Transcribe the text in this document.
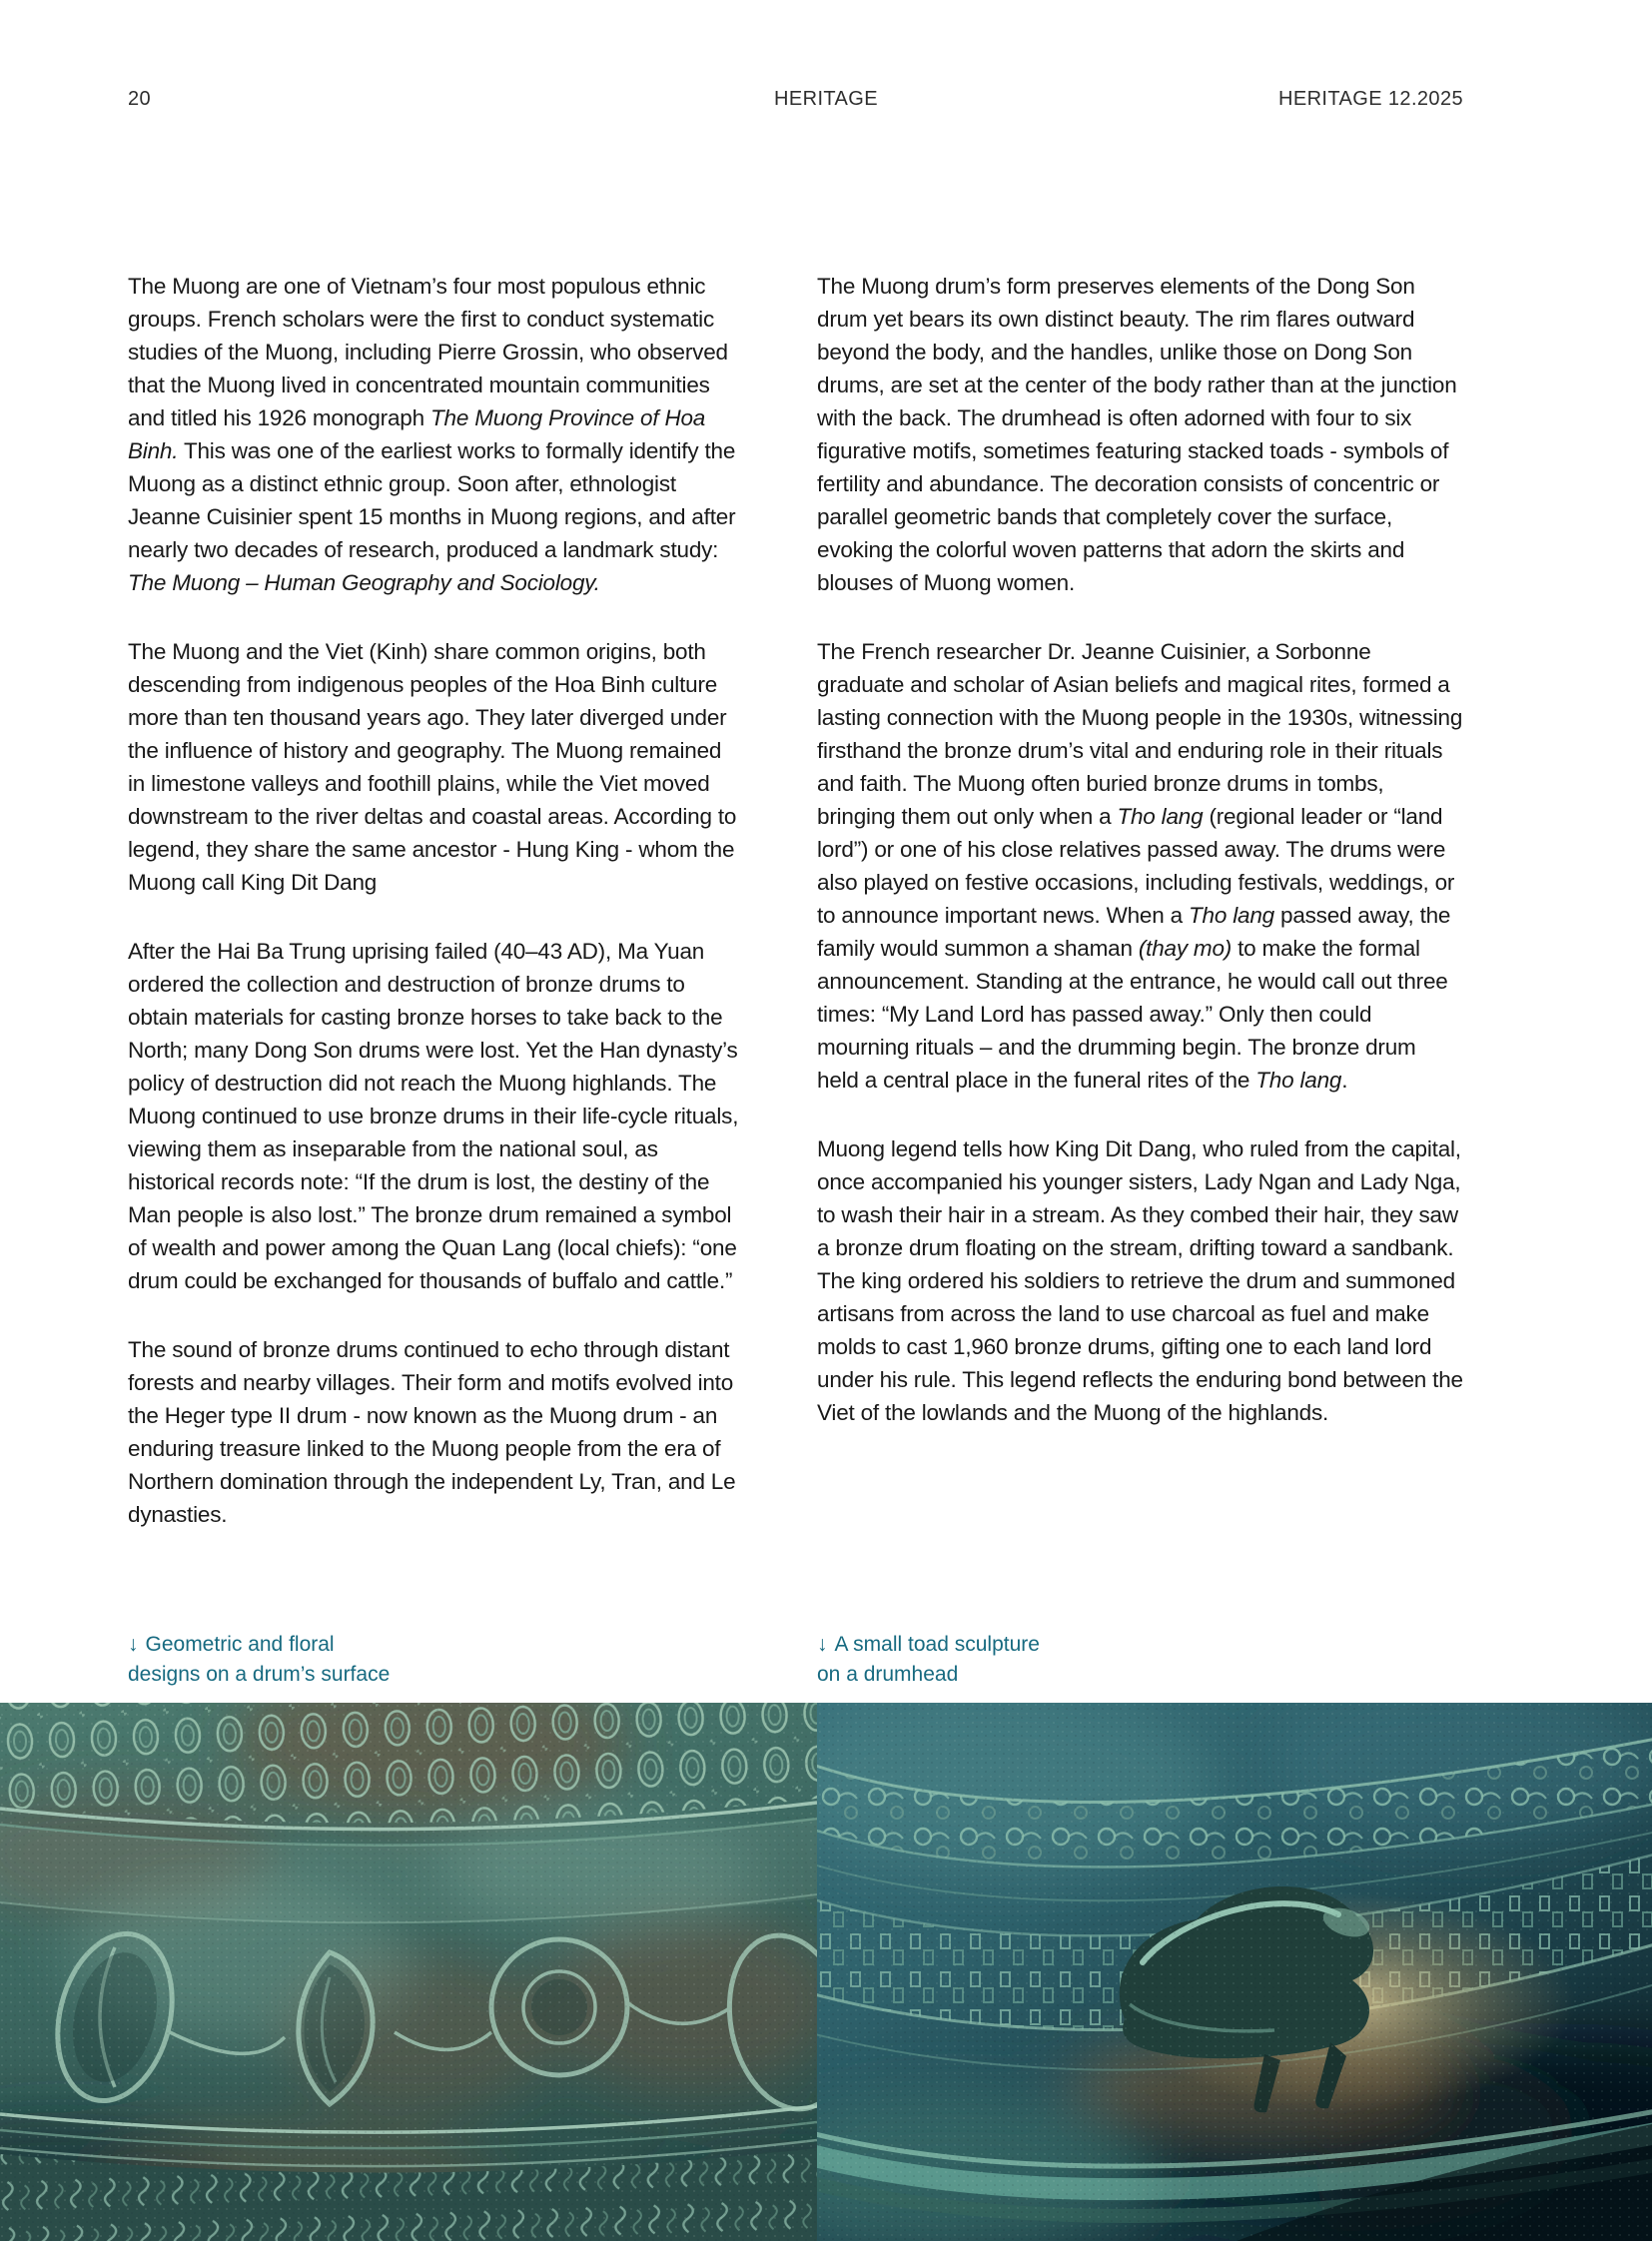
20	HERITAGE	HERITAGE 12.2025

The Muong are one of Vietnam’s four most populous ethnic groups. French scholars were the first to conduct systematic studies of the Muong, including Pierre Grossin, who observed that the Muong lived in concentrated mountain communities and titled his 1926 monograph The Muong Province of Hoa Binh. This was one of the earliest works to formally identify the Muong as a distinct ethnic group. Soon after, ethnologist Jeanne Cuisinier spent 15 months in Muong regions, and after nearly two decades of research, produced a landmark study: The Muong – Human Geography and Sociology.

The Muong and the Viet (Kinh) share common origins, both descending from indigenous peoples of the Hoa Binh culture more than ten thousand years ago. They later diverged under the influence of history and geography. The Muong remained in limestone valleys and foothill plains, while the Viet moved downstream to the river deltas and coastal areas. According to legend, they share the same ancestor - Hung King - whom the Muong call King Dit Dang

After the Hai Ba Trung uprising failed (40–43 AD), Ma Yuan ordered the collection and destruction of bronze drums to obtain materials for casting bronze horses to take back to the North; many Dong Son drums were lost. Yet the Han dynasty’s policy of destruction did not reach the Muong highlands. The Muong continued to use bronze drums in their life-cycle rituals, viewing them as inseparable from the national soul, as historical records note: “If the drum is lost, the destiny of the Man people is also lost.” The bronze drum remained a symbol of wealth and power among the Quan Lang (local chiefs): “one drum could be exchanged for thousands of buffalo and cattle.”

The sound of bronze drums continued to echo through distant forests and nearby villages. Their form and motifs evolved into the Heger type II drum - now known as the Muong drum - an enduring treasure linked to the Muong people from the era of Northern domination through the independent Ly, Tran, and Le dynasties.

The Muong drum’s form preserves elements of the Dong Son drum yet bears its own distinct beauty. The rim flares outward beyond the body, and the handles, unlike those on Dong Son drums, are set at the center of the body rather than at the junction with the back. The drumhead is often adorned with four to six figurative motifs, sometimes featuring stacked toads - symbols of fertility and abundance. The decoration consists of concentric or parallel geometric bands that completely cover the surface, evoking the colorful woven patterns that adorn the skirts and blouses of Muong women.

The French researcher Dr. Jeanne Cuisinier, a Sorbonne graduate and scholar of Asian beliefs and magical rites, formed a lasting connection with the Muong people in the 1930s, witnessing firsthand the bronze drum’s vital and enduring role in their rituals and faith. The Muong often buried bronze drums in tombs, bringing them out only when a Tho lang (regional leader or “land lord”) or one of his close relatives passed away. The drums were also played on festive occasions, including festivals, weddings, or to announce important news. When a Tho lang passed away, the family would summon a shaman (thay mo) to make the formal announcement. Standing at the entrance, he would call out three times: “My Land Lord has passed away.” Only then could mourning rituals – and the drumming begin. The bronze drum held a central place in the funeral rites of the Tho lang.

Muong legend tells how King Dit Dang, who ruled from the capital, once accompanied his younger sisters, Lady Ngan and Lady Nga, to wash their hair in a stream. As they combed their hair, they saw a bronze drum floating on the stream, drifting toward a sandbank. The king ordered his soldiers to retrieve the drum and summoned artisans from across the land to use charcoal as fuel and make molds to cast 1,960 bronze drums, gifting one to each land lord under his rule. This legend reflects the enduring bond between the Viet of the lowlands and the Muong of the highlands.

↓ Geometric and floral
designs on a drum’s surface
↓ A small toad sculpture
on a drumhead
